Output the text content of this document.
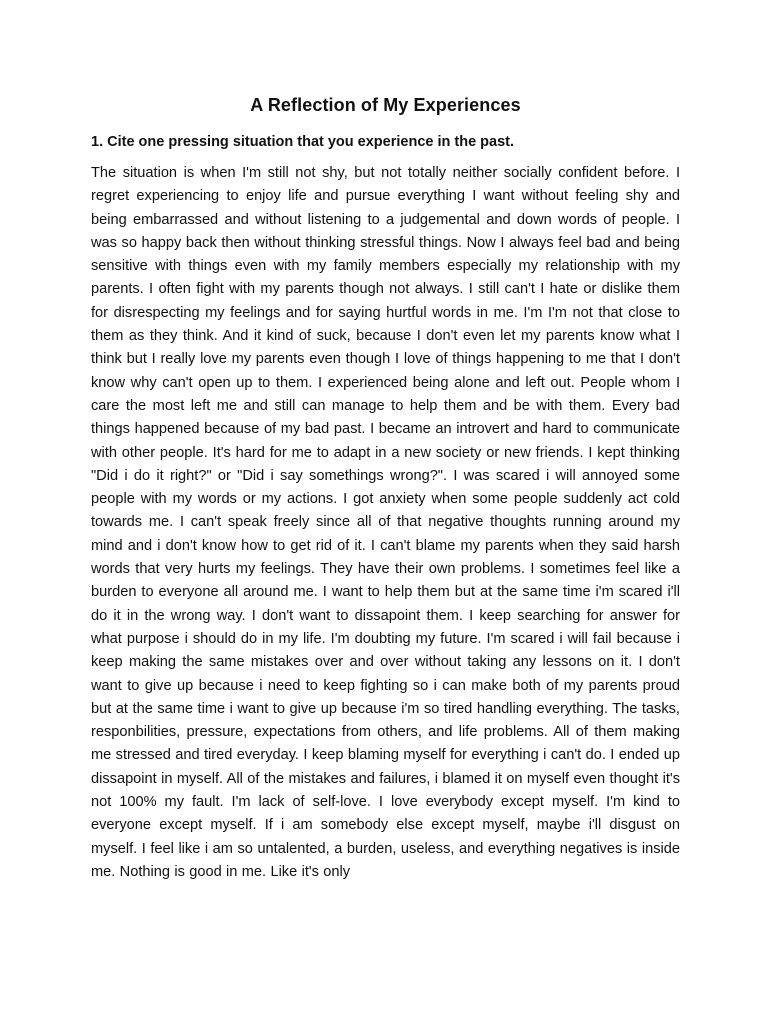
A Reflection of My Experiences

1. Cite one pressing situation that you experience in the past.

The situation is when I'm still not shy, but not totally neither socially confident before. I regret experiencing to enjoy life and pursue everything I want without feeling shy and being embarrassed and without listening to a judgemental and down words of people. I was so happy back then without thinking stressful things. Now I always feel bad and being sensitive with things even with my family members especially my relationship with my parents. I often fight with my parents though not always. I still can't I hate or dislike them for disrespecting my feelings and for saying hurtful words in me. I'm I'm not that close to them as they think. And it kind of suck, because I don't even let my parents know what I think but I really love my parents even though I love of things happening to me that I don't know why can't open up to them. I experienced being alone and left out. People whom I care the most left me and still can manage to help them and be with them. Every bad things happened because of my bad past. I became an introvert and hard to communicate with other people. It's hard for me to adapt in a new society or new friends. I kept thinking "Did i do it right?" or "Did i say somethings wrong?". I was scared i will annoyed some people with my words or my actions. I got anxiety when some people suddenly act cold towards me. I can't speak freely since all of that negative thoughts running around my mind and i don't know how to get rid of it. I can't blame my parents when they said harsh words that very hurts my feelings. They have their own problems. I sometimes feel like a burden to everyone all around me. I want to help them but at the same time i'm scared i'll do it in the wrong way. I don't want to dissapoint them. I keep searching for answer for what purpose i should do in my life. I'm doubting my future. I'm scared i will fail because i keep making the same mistakes over and over without taking any lessons on it. I don't want to give up because i need to keep fighting so i can make both of my parents proud but at the same time i want to give up because i'm so tired handling everything. The tasks, responbilities, pressure, expectations from others, and life problems. All of them making me stressed and tired everyday. I keep blaming myself for everything i can't do. I ended up dissapoint in myself. All of the mistakes and failures, i blamed it on myself even thought it's not 100% my fault. I'm lack of self-love. I love everybody except myself. I'm kind to everyone except myself. If i am somebody else except myself, maybe i'll disgust on myself. I feel like i am so untalented, a burden, useless, and everything negatives is inside me. Nothing is good in me. Like it's only
